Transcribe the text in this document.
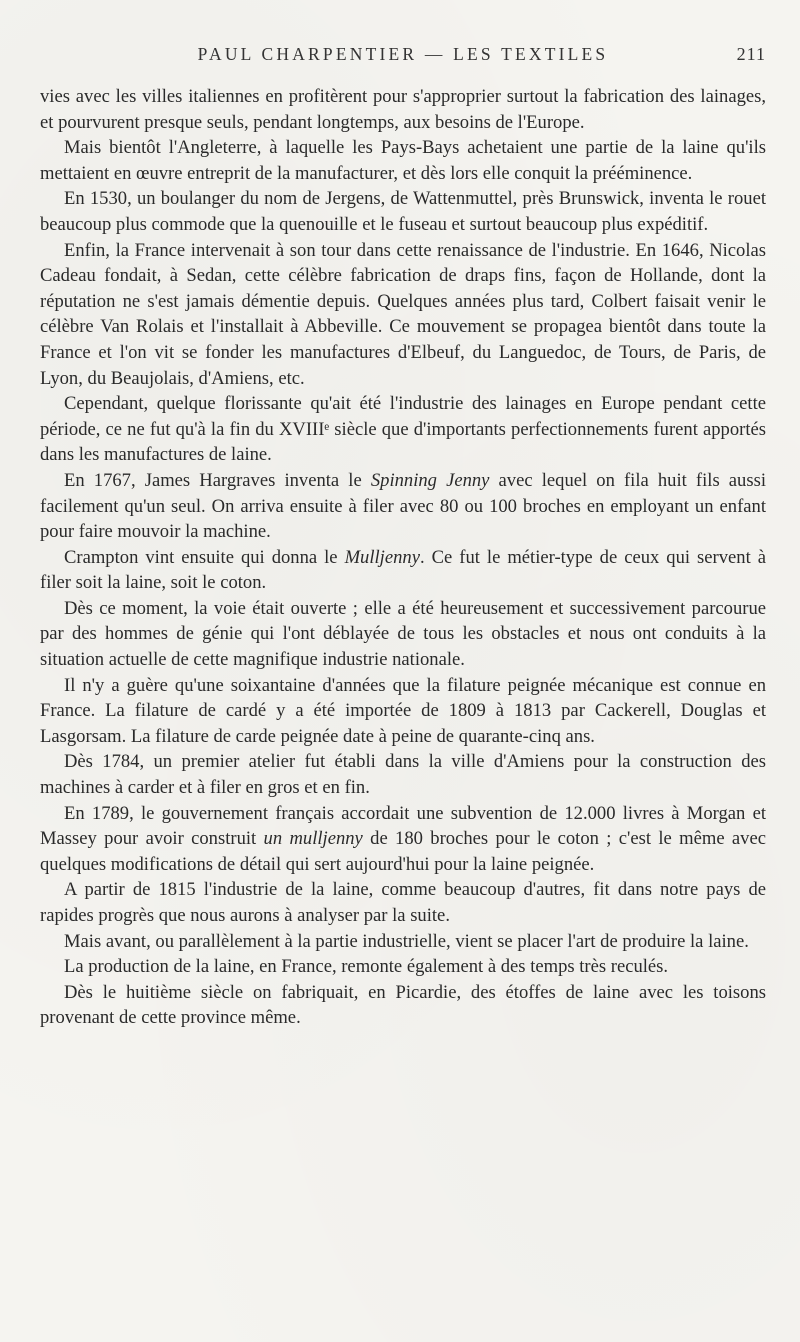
PAUL CHARPENTIER — LES TEXTILES	211

vies avec les villes italiennes en profitèrent pour s'approprier surtout la fabrication des lainages, et pourvurent presque seuls, pendant longtemps, aux besoins de l'Europe.

Mais bientôt l'Angleterre, à laquelle les Pays-Bays achetaient une partie de la laine qu'ils mettaient en œuvre entreprit de la manufacturer, et dès lors elle conquit la prééminence.

En 1530, un boulanger du nom de Jergens, de Wattenmuttel, près Brunswick, inventa le rouet beaucoup plus commode que la quenouille et le fuseau et surtout beaucoup plus expéditif.

Enfin, la France intervenait à son tour dans cette renaissance de l'industrie. En 1646, Nicolas Cadeau fondait, à Sedan, cette célèbre fabrication de draps fins, façon de Hollande, dont la réputation ne s'est jamais démentie depuis. Quelques années plus tard, Colbert faisait venir le célèbre Van Rolais et l'installait à Abbeville. Ce mouvement se propagea bientôt dans toute la France et l'on vit se fonder les manufactures d'Elbeuf, du Languedoc, de Tours, de Paris, de Lyon, du Beaujolais, d'Amiens, etc.

Cependant, quelque florissante qu'ait été l'industrie des lainages en Europe pendant cette période, ce ne fut qu'à la fin du XVIIIᵉ siècle que d'importants perfectionnements furent apportés dans les manufactures de laine.

En 1767, James Hargraves inventa le Spinning Jenny avec lequel on fila huit fils aussi facilement qu'un seul. On arriva ensuite à filer avec 80 ou 100 broches en employant un enfant pour faire mouvoir la machine.

Crampton vint ensuite qui donna le Mulljenny. Ce fut le métier-type de ceux qui servent à filer soit la laine, soit le coton.

Dès ce moment, la voie était ouverte ; elle a été heureusement et successivement parcourue par des hommes de génie qui l'ont déblayée de tous les obstacles et nous ont conduits à la situation actuelle de cette magnifique industrie nationale.

Il n'y a guère qu'une soixantaine d'années que la filature peignée mécanique est connue en France. La filature de cardé y a été importée de 1809 à 1813 par Cackerell, Douglas et Lasgorsam. La filature de carde peignée date à peine de quarante-cinq ans.

Dès 1784, un premier atelier fut établi dans la ville d'Amiens pour la construction des machines à carder et à filer en gros et en fin.

En 1789, le gouvernement français accordait une subvention de 12.000 livres à Morgan et Massey pour avoir construit un mulljenny de 180 broches pour le coton ; c'est le même avec quelques modifications de détail qui sert aujourd'hui pour la laine peignée.

A partir de 1815 l'industrie de la laine, comme beaucoup d'autres, fit dans notre pays de rapides progrès que nous aurons à analyser par la suite.

Mais avant, ou parallèlement à la partie industrielle, vient se placer l'art de produire la laine.

La production de la laine, en France, remonte également à des temps très reculés.

Dès le huitième siècle on fabriquait, en Picardie, des étoffes de laine avec les toisons provenant de cette province même.
